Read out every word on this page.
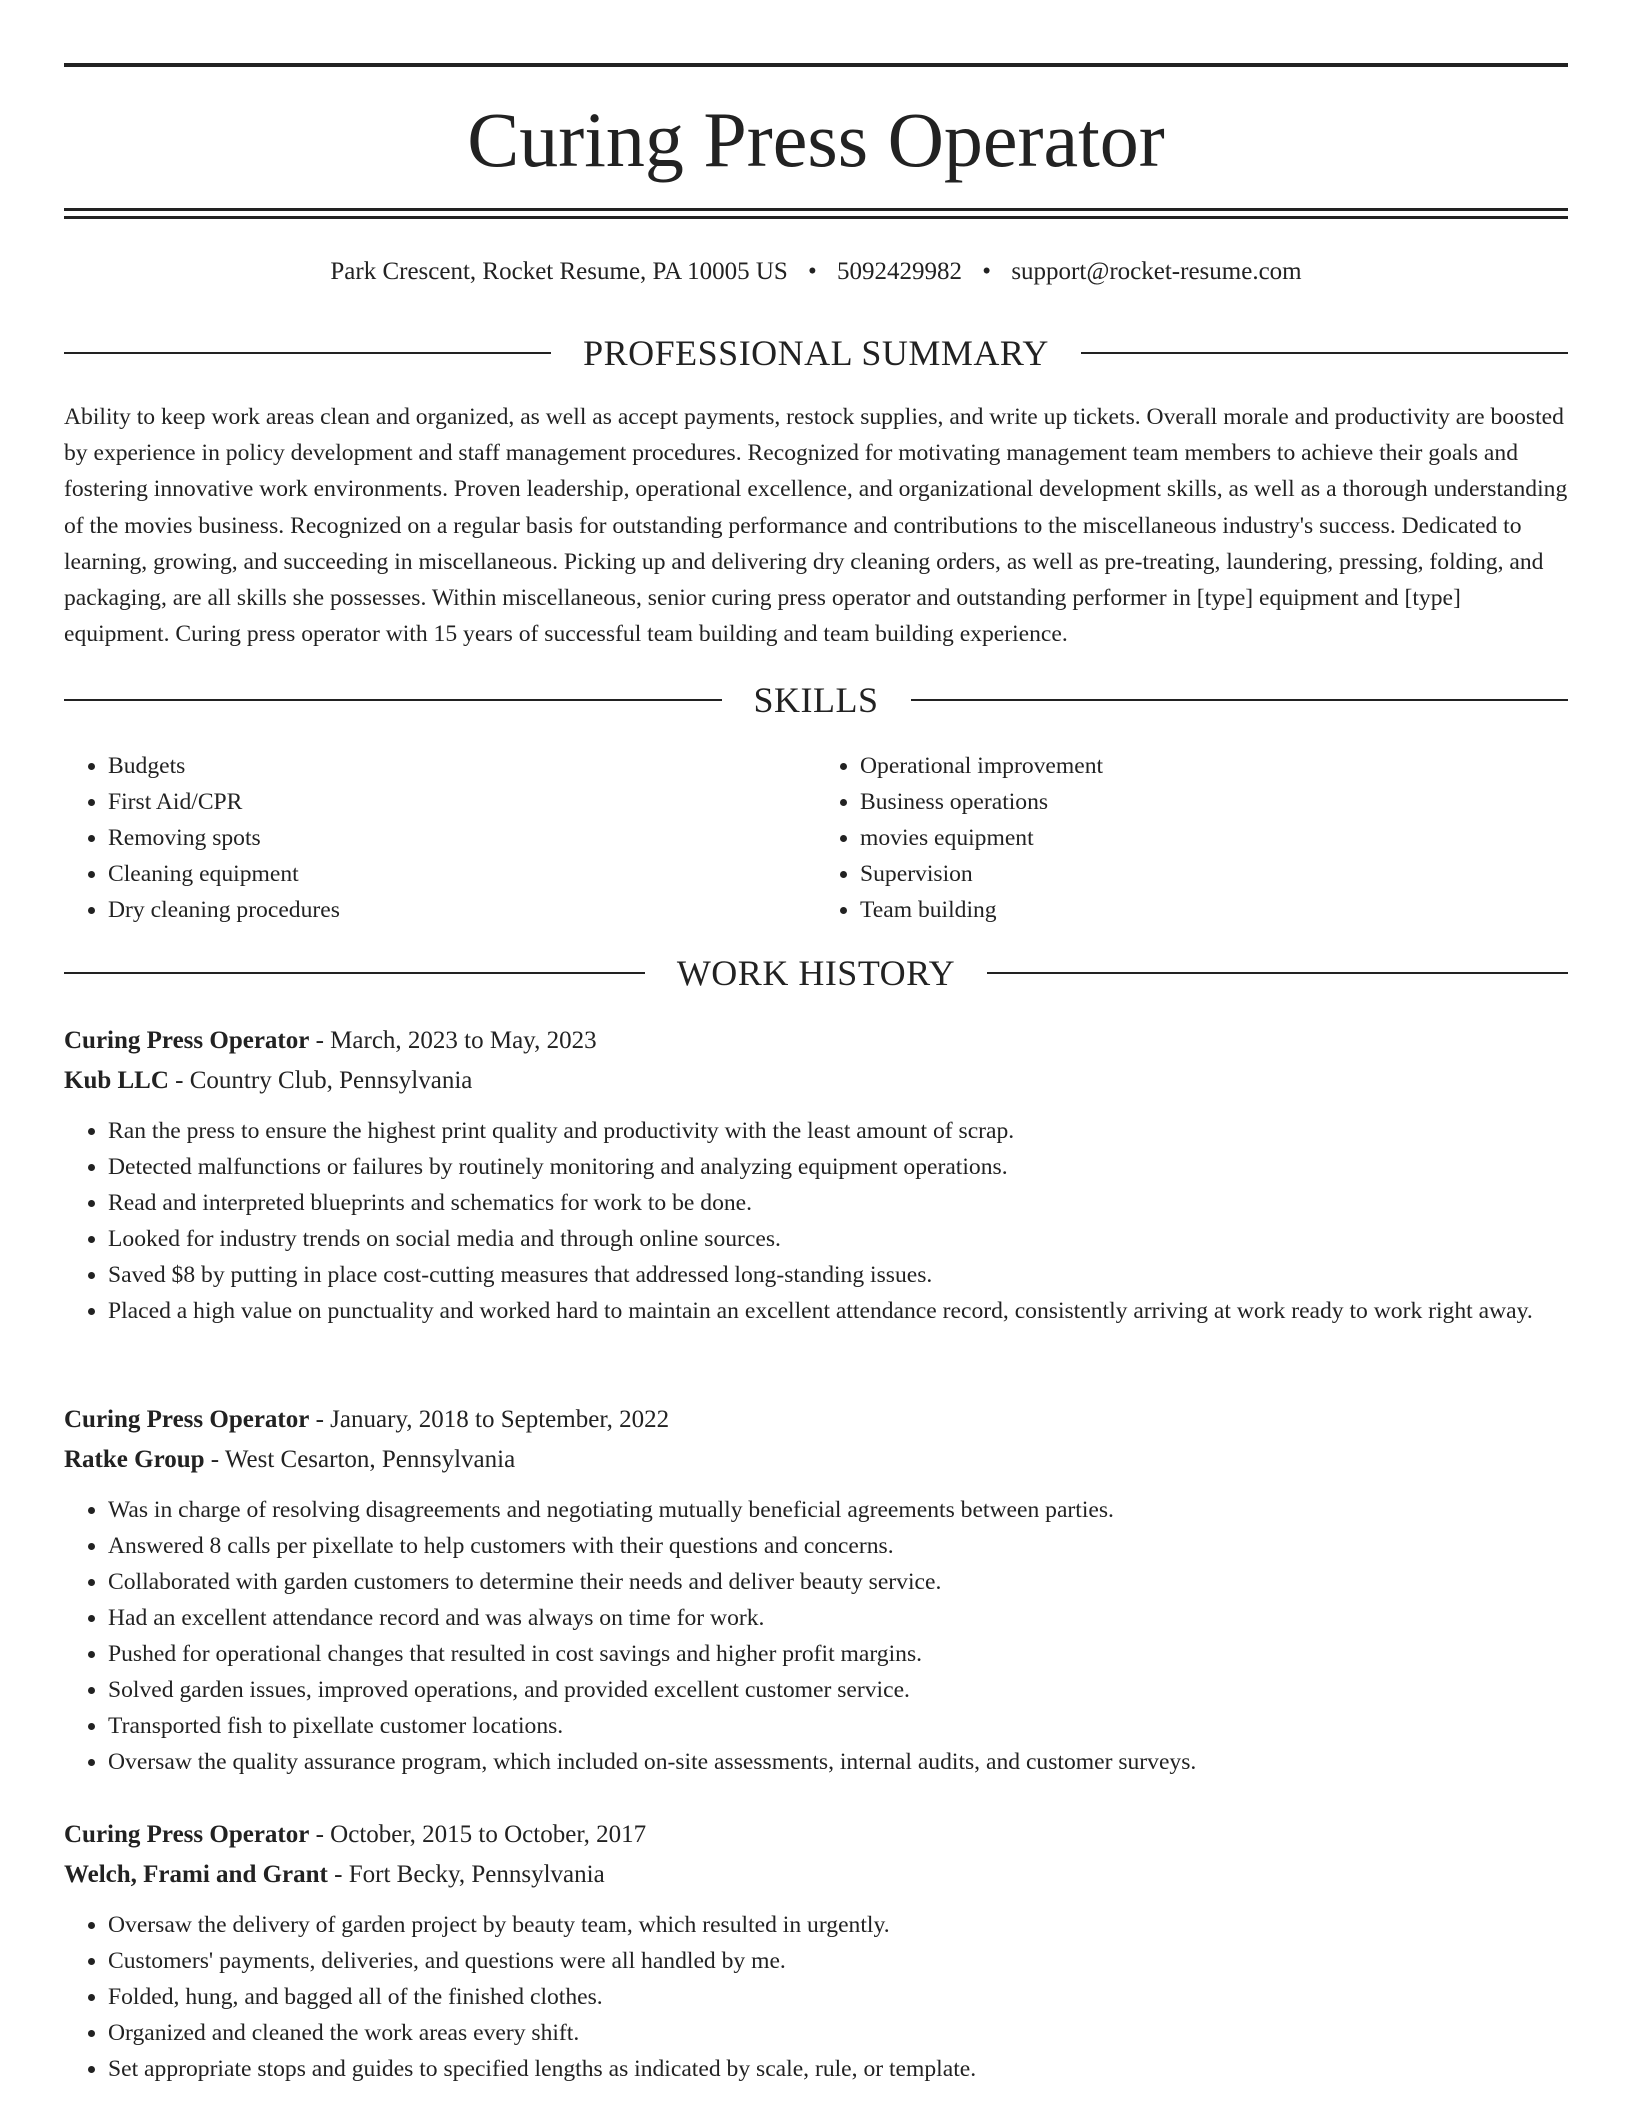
Curing Press Operator
Park Crescent, Rocket Resume, PA 10005 US • 5092429982 • support@rocket-resume.com
PROFESSIONAL SUMMARY

Ability to keep work areas clean and organized, as well as accept payments, restock supplies, and write up tickets. Overall morale and productivity are boosted by experience in policy development and staff management procedures. Recognized for motivating management team members to achieve their goals and fostering innovative work environments. Proven leadership, operational excellence, and organizational development skills, as well as a thorough understanding of the movies business. Recognized on a regular basis for outstanding performance and contributions to the miscellaneous industry's success. Dedicated to learning, growing, and succeeding in miscellaneous. Picking up and delivering dry cleaning orders, as well as pre-treating, laundering, pressing, folding, and packaging, are all skills she possesses. Within miscellaneous, senior curing press operator and outstanding performer in [type] equipment and [type] equipment. Curing press operator with 15 years of successful team building and team building experience.

SKILLS
• Budgets
• First Aid/CPR
• Removing spots
• Cleaning equipment
• Dry cleaning procedures
• Operational improvement
• Business operations
• movies equipment
• Supervision
• Team building
WORK HISTORY

Curing Press Operator - March, 2023 to May, 2023

Kub LLC - Country Club, Pennsylvania

• Ran the press to ensure the highest print quality and productivity with the least amount of scrap.
• Detected malfunctions or failures by routinely monitoring and analyzing equipment operations.
• Read and interpreted blueprints and schematics for work to be done.
• Looked for industry trends on social media and through online sources.
• Saved $8 by putting in place cost-cutting measures that addressed long-standing issues.
• Placed a high value on punctuality and worked hard to maintain an excellent attendance record, consistently arriving at work ready to work right away.

Curing Press Operator - January, 2018 to September, 2022

Ratke Group - West Cesarton, Pennsylvania

• Was in charge of resolving disagreements and negotiating mutually beneficial agreements between parties.
• Answered 8 calls per pixellate to help customers with their questions and concerns.
• Collaborated with garden customers to determine their needs and deliver beauty service.
• Had an excellent attendance record and was always on time for work.
• Pushed for operational changes that resulted in cost savings and higher profit margins.
• Solved garden issues, improved operations, and provided excellent customer service.
• Transported fish to pixellate customer locations.
• Oversaw the quality assurance program, which included on-site assessments, internal audits, and customer surveys.

Curing Press Operator - October, 2015 to October, 2017

Welch, Frami and Grant - Fort Becky, Pennsylvania

• Oversaw the delivery of garden project by beauty team, which resulted in urgently.
• Customers' payments, deliveries, and questions were all handled by me.
• Folded, hung, and bagged all of the finished clothes.
• Organized and cleaned the work areas every shift.
• Set appropriate stops and guides to specified lengths as indicated by scale, rule, or template.
